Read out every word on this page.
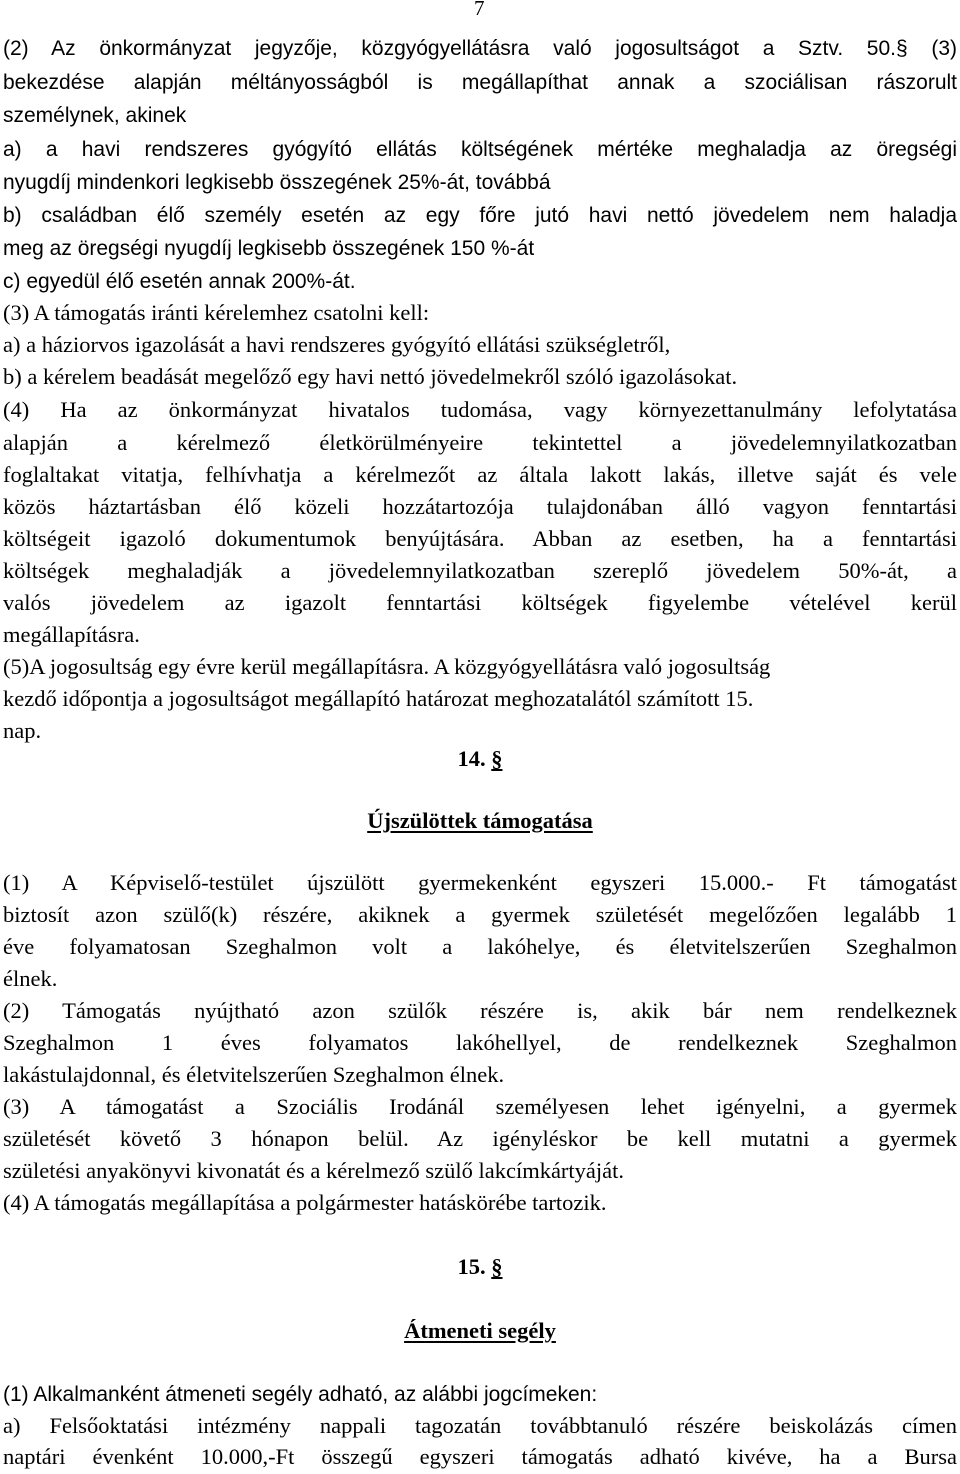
7
(2) Az önkormányzat jegyzője, közgyógyellátásra való jogosultságot a Sztv. 50.§ (3)
bekezdése alapján méltányosságból is megállapíthat annak a szociálisan rászorult
személynek, akinek
a) a havi rendszeres gyógyító ellátás költségének mértéke meghaladja az öregségi
nyugdíj mindenkori legkisebb összegének 25%-át, továbbá
b) családban élő személy esetén az egy főre jutó havi nettó jövedelem nem haladja
meg az öregségi nyugdíj legkisebb összegének 150 %-át
c) egyedül élő esetén annak 200%-át.
(3) A támogatás iránti kérelemhez csatolni kell:
a) a háziorvos igazolását a havi rendszeres gyógyító ellátási szükségletről,
b) a kérelem beadását megelőző egy havi nettó jövedelmekről szóló igazolásokat.
(4) Ha az önkormányzat hivatalos tudomása, vagy környezettanulmány lefolytatása
alapján a kérelmező életkörülményeire tekintettel a jövedelemnyilatkozatban
foglaltakat vitatja, felhívhatja a kérelmezőt az általa lakott lakás, illetve saját és vele
közös háztartásban élő közeli hozzátartozója tulajdonában álló vagyon fenntartási
költségeit igazoló dokumentumok benyújtására. Abban az esetben, ha a fenntartási
költségek meghaladják a jövedelemnyilatkozatban szereplő jövedelem 50%-át, a
valós jövedelem az igazolt fenntartási költségek figyelembe vételével kerül
megállapításra.
(5)A jogosultság egy évre kerül megállapításra. A közgyógyellátásra való jogosultság
kezdő időpontja a jogosultságot megállapító határozat meghozatalától számított 15.
nap.
14. §
Újszülöttek támogatása
(1) A Képviselő-testület újszülött gyermekenként egyszeri 15.000.- Ft támogatást
biztosít azon szülő(k) részére, akiknek a gyermek születését megelőzően legalább 1
éve folyamatosan Szeghalmon volt a lakóhelye, és életvitelszerűen Szeghalmon
élnek.
(2) Támogatás nyújtható azon szülők részére is, akik bár nem rendelkeznek
Szeghalmon 1 éves folyamatos lakóhellyel, de rendelkeznek Szeghalmon
lakástulajdonnal, és életvitelszerűen Szeghalmon élnek.
(3) A támogatást a Szociális Irodánál személyesen lehet igényelni, a gyermek
születését követő 3 hónapon belül. Az igényléskor be kell mutatni a gyermek
születési anyakönyvi kivonatát és a kérelmező szülő lakcímkártyáját.
(4) A támogatás megállapítása a polgármester hatáskörébe tartozik.
15. §
Átmeneti segély
(1) Alkalmanként átmeneti segély adható, az alábbi jogcímeken:
a) Felsőoktatási intézmény nappali tagozatán továbbtanuló részére beiskolázás címen
naptári évenként 10.000,-Ft összegű egyszeri támogatás adható kivéve, ha a Bursa
